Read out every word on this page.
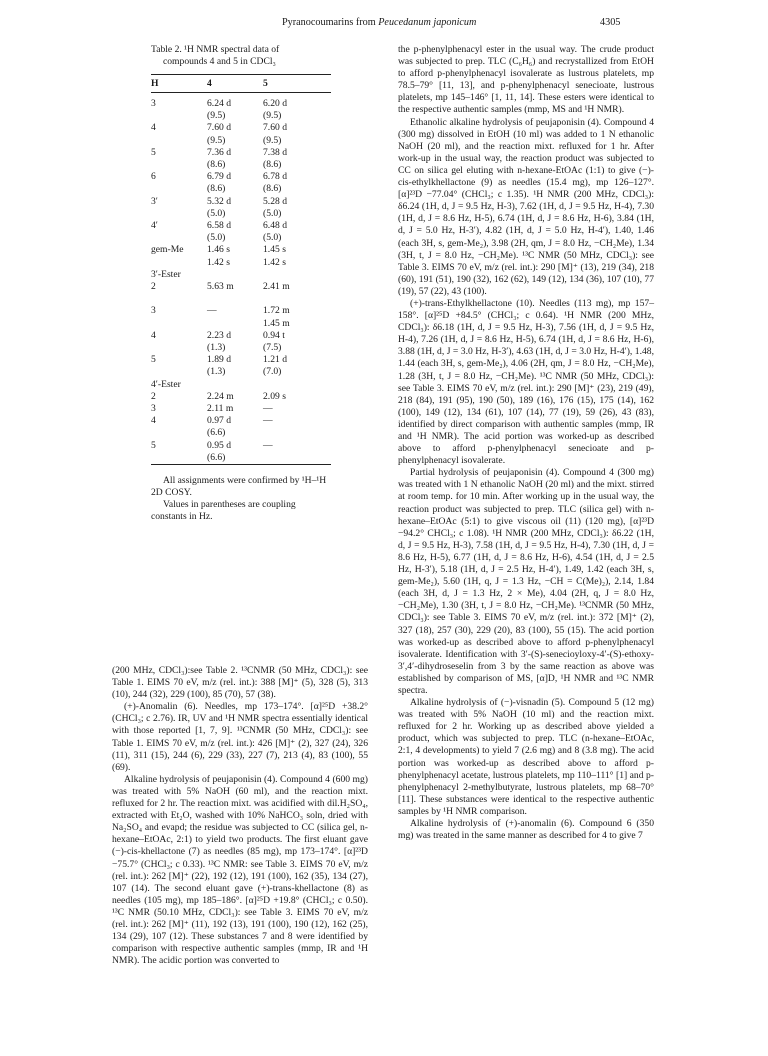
Pyranocoumarins from Peucedanum japonicum	4305
Table 2. ¹H NMR spectral data of
compounds 4 and 5 in CDCl₃
H	4	5
3	6.24 d	6.20 d
	(9.5)	(9.5)
4	7.60 d	7.60 d
	(9.5)	(9.5)
5	7.36 d	7.38 d
	(8.6)	(8.6)
6	6.79 d	6.78 d
	(8.6)	(8.6)
3′	5.32 d	5.28 d
	(5.0)	(5.0)
4′	6.58 d	6.48 d
	(5.0)	(5.0)
gem-Me	1.46 s	1.45 s
	1.42 s	1.42 s
3′-Ester		
2	5.63 m	2.41 m

3	—	1.72 m
		1.45 m
4	2.23 d	0.94 t
	(1.3)	(7.5)
5	1.89 d	1.21 d
	(1.3)	(7.0)
4′-Ester		
2	2.24 m	2.09 s
3	2.11 m	—
4	0.97 d	—
	(6.6)	
5	0.95 d	—
	(6.6)	

All assignments were confirmed by ¹H–¹H 2D COSY.

Values in parentheses are coupling constants in Hz.

(200 MHz, CDCl₃):see Table 2. ¹³CNMR (50 MHz, CDCl₃): see Table 1. EIMS 70 eV, m/z (rel. int.): 388 [M]⁺ (5), 328 (5), 313 (10), 244 (32), 229 (100), 85 (70), 57 (38).

(+)-Anomalin (6). Needles, mp 173–174°. [α]²⁵D +38.2° (CHCl₃; c 2.76). IR, UV and ¹H NMR spectra essentially identical with those reported [1, 7, 9]. ¹³CNMR (50 MHz, CDCl₃): see Table 1. EIMS 70 eV, m/z (rel. int.): 426 [M]⁺ (2), 327 (24), 326 (11), 311 (15), 244 (6), 229 (33), 227 (7), 213 (4), 83 (100), 55 (69).

Alkaline hydrolysis of peujaponisin (4). Compound 4 (600 mg) was treated with 5% NaOH (60 ml), and the reaction mixt. refluxed for 2 hr. The reaction mixt. was acidified with dil.H₂SO₄, extracted with Et₂O, washed with 10% NaHCO₃ soln, dried with Na₂SO₄ and evapd; the residue was subjected to CC (silica gel, n-hexane–EtOAc, 2:1) to yield two products. The first eluant gave (−)-cis-khellactone (7) as needles (85 mg), mp 173–174°. [α]²³D −75.7° (CHCl₃; c 0.33). ¹³C NMR: see Table 3. EIMS 70 eV, m/z (rel. int.): 262 [M]⁺ (22), 192 (12), 191 (100), 162 (35), 134 (27), 107 (14). The second eluant gave (+)-trans-khellactone (8) as needles (105 mg), mp 185–186°. [α]²⁵D +19.8° (CHCl₃; c 0.50). ¹³C NMR (50.10 MHz, CDCl₃): see Table 3. EIMS 70 eV, m/z (rel. int.): 262 [M]⁺ (11), 192 (13), 191 (100), 190 (12), 162 (25), 134 (29), 107 (12). These substances 7 and 8 were identified by comparison with respective authentic samples (mmp, IR and ¹H NMR). The acidic portion was converted to

the p-phenylphenacyl ester in the usual way. The crude product was subjected to prep. TLC (C₆H₆) and recrystallized from EtOH to afford p-phenylphenacyl isovalerate as lustrous platelets, mp 78.5–79° [11, 13], and p-phenylphenacyl senecioate, lustrous platelets, mp 145–146° [1, 11, 14]. These esters were identical to the respective authentic samples (mmp, MS and ¹H NMR).

Ethanolic alkaline hydrolysis of peujaponisin (4). Compound 4 (300 mg) dissolved in EtOH (10 ml) was added to 1 N ethanolic NaOH (20 ml), and the reaction mixt. refluxed for 1 hr. After work-up in the usual way, the reaction product was subjected to CC on silica gel eluting with n-hexane-EtOAc (1:1) to give (−)-cis-ethylkhellactone (9) as needles (15.4 mg), mp 126–127°. [α]²³D −77.04° (CHCl₃; c 1.35). ¹H NMR (200 MHz, CDCl₃): δ6.24 (1H, d, J = 9.5 Hz, H-3), 7.62 (1H, d, J = 9.5 Hz, H-4), 7.30 (1H, d, J = 8.6 Hz, H-5), 6.74 (1H, d, J = 8.6 Hz, H-6), 3.84 (1H, d, J = 5.0 Hz, H-3′), 4.82 (1H, d, J = 5.0 Hz, H-4′), 1.40, 1.46 (each 3H, s, gem-Me₂), 3.98 (2H, qm, J = 8.0 Hz, −CH₂Me), 1.34 (3H, t, J = 8.0 Hz, −CH₂Me). ¹³C NMR (50 MHz, CDCl₃): see Table 3. EIMS 70 eV, m/z (rel. int.): 290 [M]⁺ (13), 219 (34), 218 (60), 191 (51), 190 (32), 162 (62), 149 (12), 134 (36), 107 (10), 77 (19), 57 (22), 43 (100).

(+)-trans-Ethylkhellactone (10). Needles (113 mg), mp 157–158°. [α]²⁵D +84.5° (CHCl₃; c 0.64). ¹H NMR (200 MHz, CDCl₃): δ6.18 (1H, d, J = 9.5 Hz, H-3), 7.56 (1H, d, J = 9.5 Hz, H-4), 7.26 (1H, d, J = 8.6 Hz, H-5), 6.74 (1H, d, J = 8.6 Hz, H-6), 3.88 (1H, d, J = 3.0 Hz, H-3′), 4.63 (1H, d, J = 3.0 Hz, H-4′), 1.48, 1.44 (each 3H, s, gem-Me₂), 4.06 (2H, qm, J = 8.0 Hz, −CH₂Me), 1.28 (3H, t, J = 8.0 Hz, −CH₂Me). ¹³C NMR (50 MHz, CDCl₃): see Table 3. EIMS 70 eV, m/z (rel. int.): 290 [M]⁺ (23), 219 (49), 218 (84), 191 (95), 190 (50), 189 (16), 176 (15), 175 (14), 162 (100), 149 (12), 134 (61), 107 (14), 77 (19), 59 (26), 43 (83), identified by direct comparison with authentic samples (mmp, IR and ¹H NMR). The acid portion was worked-up as described above to afford p-phenylphenacyl senecioate and p-phenylphenacyl isovalerate.

Partial hydrolysis of peujaponisin (4). Compound 4 (300 mg) was treated with 1 N ethanolic NaOH (20 ml) and the mixt. stirred at room temp. for 10 min. After working up in the usual way, the reaction product was subjected to prep. TLC (silica gel) with n-hexane–EtOAc (5:1) to give viscous oil (11) (120 mg), [α]²³D −94.2° CHCl₃; c 1.08). ¹H NMR (200 MHz, CDCl₃): δ6.22 (1H, d, J = 9.5 Hz, H-3), 7.58 (1H, d, J = 9.5 Hz, H-4), 7.30 (1H, d, J = 8.6 Hz, H-5), 6.77 (1H, d, J = 8.6 Hz, H-6), 4.54 (1H, d, J = 2.5 Hz, H-3′), 5.18 (1H, d, J = 2.5 Hz, H-4′), 1.49, 1.42 (each 3H, s, gem-Me₂), 5.60 (1H, q, J = 1.3 Hz, −CH = C(Me)₂), 2.14, 1.84 (each 3H, d, J = 1.3 Hz, 2 × Me), 4.04 (2H, q, J = 8.0 Hz, −CH₂Me), 1.30 (3H, t, J = 8.0 Hz, −CH₂Me). ¹³CNMR (50 MHz, CDCl₃): see Table 3. EIMS 70 eV, m/z (rel. int.): 372 [M]⁺ (2), 327 (18), 257 (30), 229 (20), 83 (100), 55 (15). The acid portion was worked-up as described above to afford p-phenylphenacyl isovalerate. Identification with 3′-(S)-senecioyloxy-4′-(S)-ethoxy-3′,4′-dihydroseselin from 3 by the same reaction as above was established by comparison of MS, [α]D, ¹H NMR and ¹³C NMR spectra.

Alkaline hydrolysis of (−)-visnadin (5). Compound 5 (12 mg) was treated with 5% NaOH (10 ml) and the reaction mixt. refluxed for 2 hr. Working up as described above yielded a product, which was subjected to prep. TLC (n-hexane–EtOAc, 2:1, 4 developments) to yield 7 (2.6 mg) and 8 (3.8 mg). The acid portion was worked-up as described above to afford p-phenylphenacyl acetate, lustrous platelets, mp 110–111° [1] and p-phenylphenacyl 2-methylbutyrate, lustrous platelets, mp 68–70° [11]. These substances were identical to the respective authentic samples by ¹H NMR comparison.

Alkaline hydrolysis of (+)-anomalin (6). Compound 6 (350 mg) was treated in the same manner as described for 4 to give 7
